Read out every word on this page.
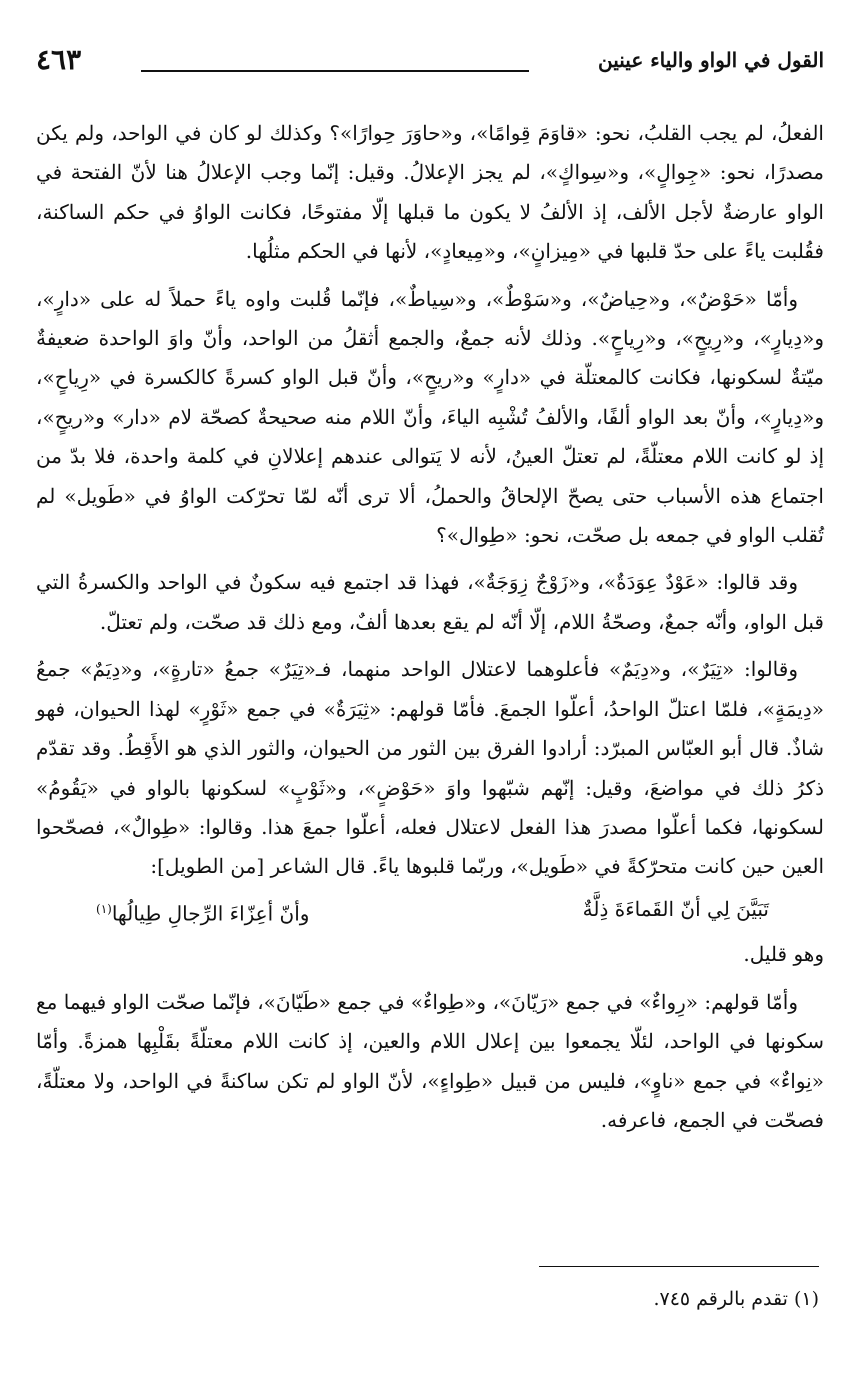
٤٦٣	القول في الواو والياء عينين

الفعلُ، لم يجب القلبُ، نحو: «قاوَمَ قِوامًا»، و«حاوَرَ حِوارًا»؟ وكذلك لو كان في الواحد، ولم يكن مصدرًا، نحو: «جِوالٍ»، و«سِواكٍ»، لم يجز الإعلالُ. وقيل: إنّما وجب الإعلالُ هنا لأنّ الفتحة في الواو عارضةٌ لأجل الألف، إذ الألفُ لا يكون ما قبلها إلّا مفتوحًا، فكانت الواوُ في حكم الساكنة، فقُلبت ياءً على حدّ قلبها في «مِيزانٍ»، و«مِيعادٍ»، لأنها في الحكم مثلُها.

وأمّا «حَوْضٌ»، و«حِياضٌ»، و«سَوْطٌ»، و«سِياطٌ»، فإنّما قُلبت واوه ياءً حملاً له على «دارٍ»، و«دِيارٍ»، و«رِيحٍ»، و«رِياحٍ». وذلك لأنه جمعٌ، والجمع أثقلُ من الواحد، وأنّ واوَ الواحدة ضعيفةٌ ميّتةٌ لسكونها، فكانت كالمعتلّة في «دارٍ» و«ريحٍ»، وأنّ قبل الواو كسرةً كالكسرة في «رِياحٍ»، و«دِيارٍ»، وأنّ بعد الواو ألفًا، والألفُ تُشْبِه الياءَ، وأنّ اللام منه صحيحةٌ كصحّة لام «دار» و«ريحٍ»، إذ لو كانت اللام معتلّةً، لم تعتلّ العينُ، لأنه لا يَتوالى عندهم إعلالانِ في كلمة واحدة، فلا بدّ من اجتماع هذه الأسباب حتى يصحّ الإلحاقُ والحملُ، ألا ترى أنّه لمّا تحرّكت الواوُ في «طَويل» لم تُقلب الواو في جمعه بل صحّت، نحو: «طِوال»؟

وقد قالوا: «عَوْدٌ عِوَدَةٌ»، و«زَوْجٌ زِوَجَةٌ»، فهذا قد اجتمع فيه سكونٌ في الواحد والكسرةُ التي قبل الواو، وأنّه جمعٌ، وصحّةُ اللام، إلّا أنّه لم يقع بعدها ألفٌ، ومع ذلك قد صحّت، ولم تعتلّ.

وقالوا: «تِيَرٌ»، و«دِيَمٌ» فأعلوهما لاعتلال الواحد منهما، فـ«تِيَرٌ» جمعُ «تارةٍ»، و«دِيَمٌ» جمعُ «دِيمَةٍ»، فلمّا اعتلّ الواحدُ، أعلّوا الجمعَ. فأمّا قولهم: «ثِيَرَةٌ» في جمع «ثَوْرٍ» لهذا الحيوان، فهو شاذٌ. قال أبو العبّاس المبرّد: أرادوا الفرق بين الثور من الحيوان، والثور الذي هو الأَقِطُ. وقد تقدّم ذكرُ ذلك في مواضعَ، وقيل: إنّهم شبّهوا واوَ «حَوْضٍ»، و«ثَوْبٍ» لسكونها بالواو في «يَقُومُ» لسكونها، فكما أعلّوا مصدرَ هذا الفعل لاعتلال فعله، أعلّوا جمعَ هذا. وقالوا: «طِوالٌ»، فصحّحوا العين حين كانت متحرّكةً في «طَويل»، وربّما قلبوها ياءً. قال الشاعر [من الطويل]:

تَبَيَّنَ لِي أنّ القَماءَةَ ذِلَّةٌ
وأنّ أعِزّاءَ الرِّجالِ طِيالُها$^{(١)}$

وهو قليل.

وأمّا قولهم: «رِواءٌ» في جمع «رَيّانَ»، و«طِواءٌ» في جمع «طَيّانَ»، فإنّما صحّت الواو فيهما مع سكونها في الواحد، لئلّا يجمعوا بين إعلال اللام والعين، إذ كانت اللام معتلّةً بقَلْبِها همزةً. وأمّا «نِواءٌ» في جمع «ناوٍ»، فليس من قبيل «طِواءٍ»، لأنّ الواو لم تكن ساكنةً في الواحد، ولا معتلّةً، فصحّت في الجمع، فاعرفه.

(١) تقدم بالرقم ٧٤٥.
